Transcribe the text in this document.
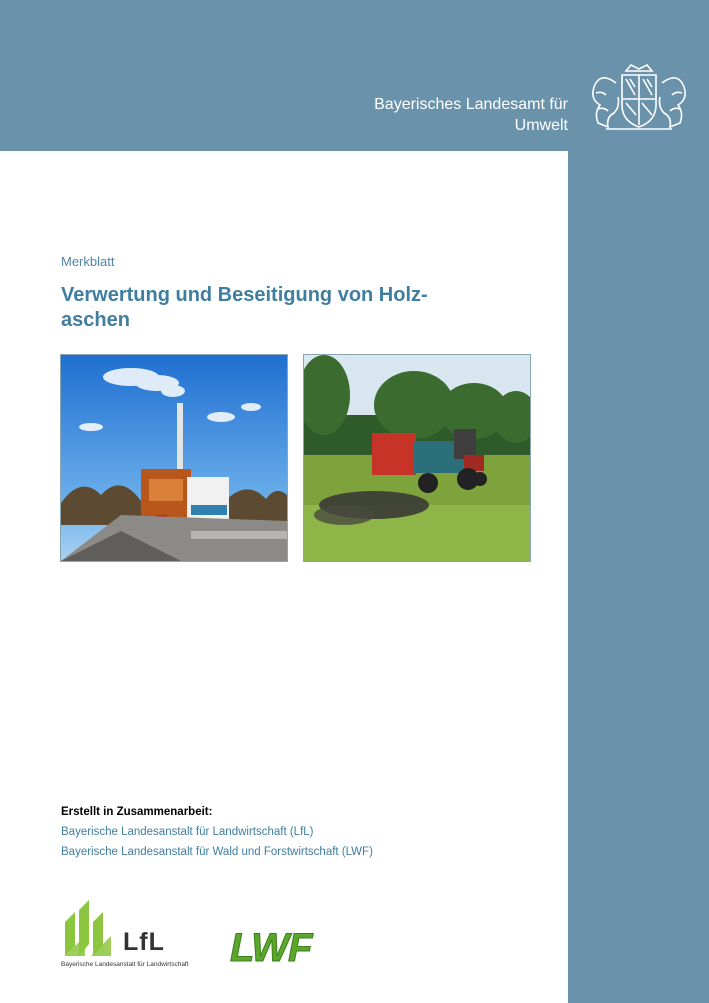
Bayerisches Landesamt für
Umwelt
Merkblatt
Verwertung und Beseitigung von Holz-aschen
Erstellt in Zusammenarbeit:
Bayerische Landesanstalt für Landwirtschaft (LfL)
Bayerische Landesanstalt für Wald und Forstwirtschaft (LWF)
LfL
Bayerische Landesanstalt für Landwirtschaft LWF
